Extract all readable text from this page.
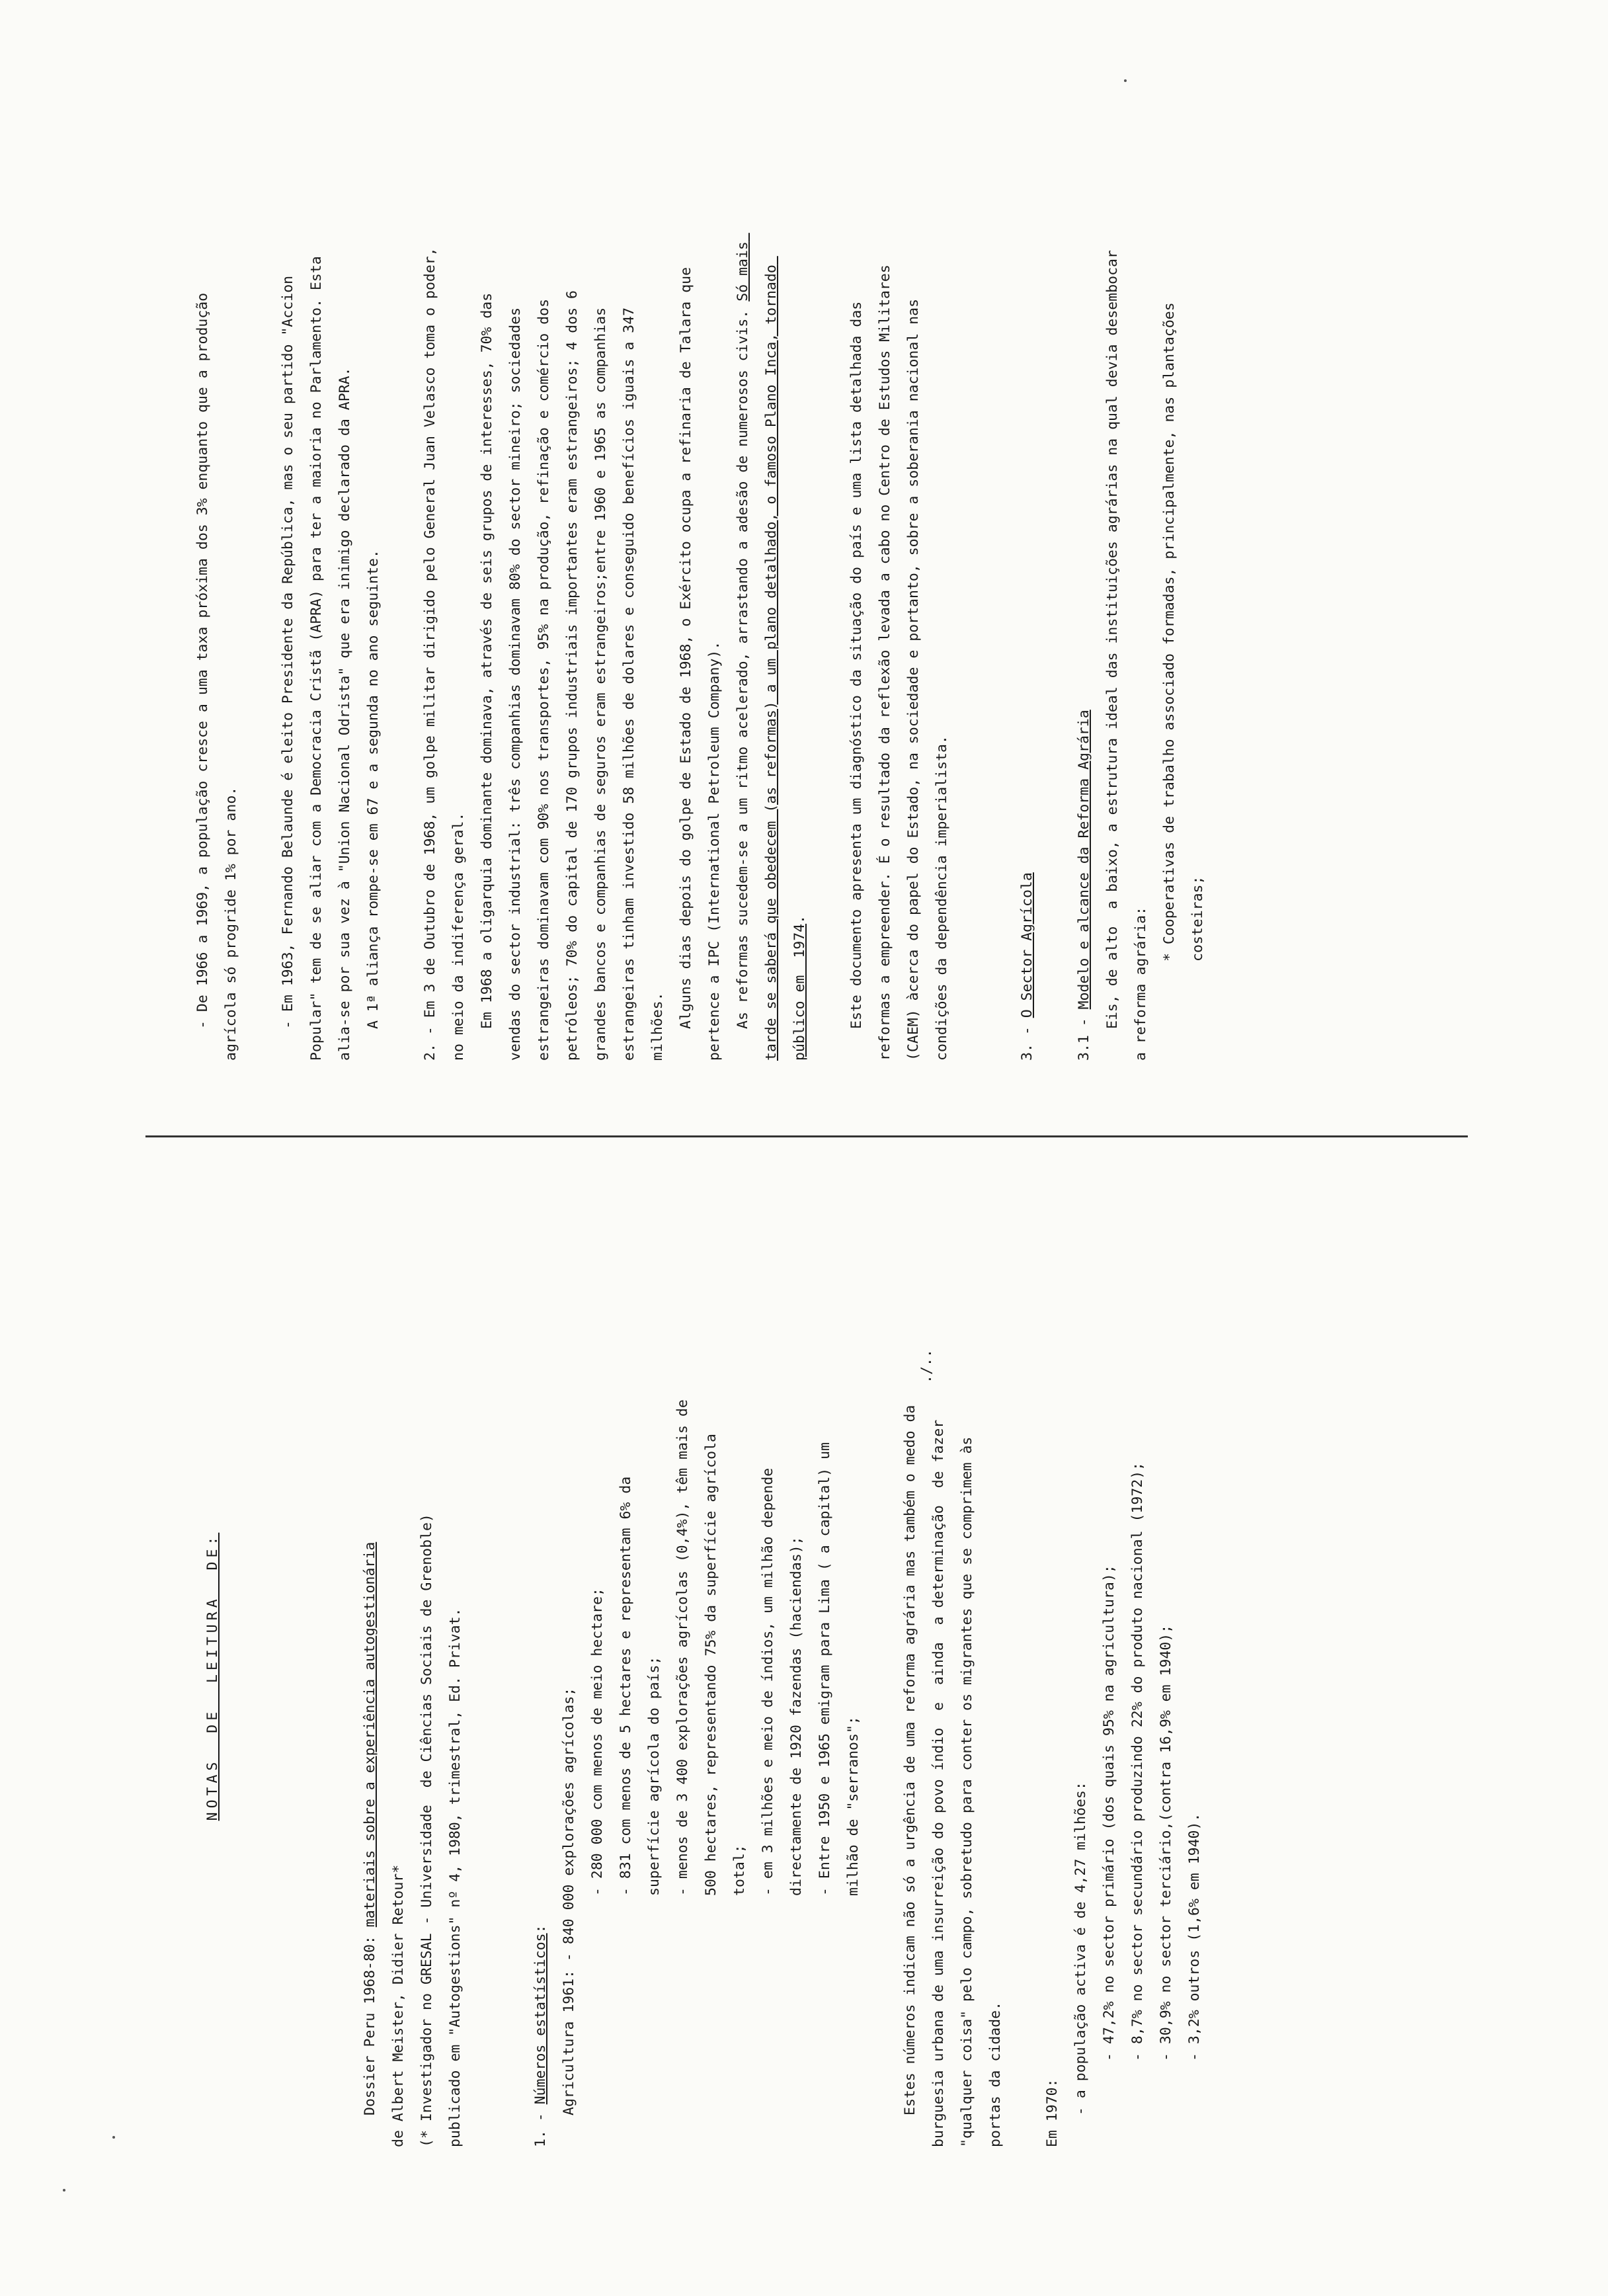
NOTAS  DE  LEITURA  DE:

Dossier Peru 1968-80: materiais sobre a experiência autogestionária

de Albert Meister, Didier Retour* (* Investigador no GRESAL - Universidade  de Ciências Sociais de Grenoble) publicado em "Autogestions" nº 4, 1980, trimestral, Ed. Privat.	1. - Números estatísticos: Agricultura 1961: - 840 000 explorações agrícolas; - 280 000 com menos de meio hectare; - 831 com menos de 5 hectares e representam 6% da superfície agrícola do país; - menos de 3 400 explorações agrícolas (0,4%), têm mais de 500 hectares, representando 75% da superfície agrícola total; - em 3 milhões e meio de índios, um milhão depende directamente de 1920 fazendas (haciendas); - Entre 1950 e 1965 emigram para Lima ( a capital) um milhão de "serranos";	Estes números indicam não só a urgência de uma reforma agrária mas também o medo da burguesia urbana de uma insurreição do povo índio  e  ainda  a determinação  de fazer "qualquer coisa" pelo campo, sobretudo para conter os migrantes que se comprimem às portas da cidade.	Em 1970: - a população activa é de 4,27 milhões: - 47,2% no sector primário (dos quais 95% na agricultura); - 8,7% no sector secundário produzindo 22% do produto nacional (1972); - 30,9% no sector terciário,(contra 16,9% em 1940); - 3,2% outros (1,6% em 1940).

./..

- De 1966 a 1969, a população cresce a uma taxa próxima dos 3% enquanto que a produção agrícola só progride 1% por ano.	- Em 1963, Fernando Belaunde é eleito Presidente da República, mas o seu partido "Accion Popular" tem de se aliar com a Democracia Cristã (APRA) para ter a maioria no Parlamento. Esta alia-se por sua vez à "Union Nacional Odrista" que era inimigo declarado da APRA. A 1ª aliança rompe-se em 67 e a segunda no ano seguinte.	2. - Em 3 de Outubro de 1968, um golpe militar dirigido pelo General Juan Velasco toma o poder, no meio da indiferença geral. Em 1968 a oligarquia dominante dominava, através de seis grupos de interesses, 70% das vendas do sector industrial: três companhias dominavam 80% do sector mineiro; sociedades estrangeiras dominavam com 90% nos transportes, 95% na produção, refinação e comércio dos petróleos; 70% do capital de 170 grupos industriais importantes eram estrangeiros; 4 dos 6 grandes bancos e companhias de seguros eram estrangeiros;entre 1960 e 1965 as companhias estrangeiras tinham investido 58 milhões de dolares e conseguido benefícios iguais a 347 milhões. Alguns dias depois do golpe de Estado de 1968, o Exército ocupa a refinaria de Talara que pertence a IPC (International Petroleum Company). As reformas sucedem-se a um ritmo acelerado, arrastando a adesão de numerosos civis. Só mais tarde se saberá que obedecem (as reformas) a um plano detalhado, o famoso Plano Inca, tornado público em  1974.	Este documento apresenta um diagnóstico da situação do país e uma lista detalhada das reformas a empreender. É o resultado da reflexão levada a cabo no Centro de Estudos Militares (CAEM) àcerca do papel do Estado, na sociedade e portanto, sobre a soberania nacional nas condições da dependência imperialista.	3. - O Sector Agrícola

3.1 - Modelo e alcance da Reforma Agrária Eis, de alto  a baixo, a estrutura ideal das instituições agrárias na qual devia desembocar a reforma agrária:

* Cooperativas de trabalho associado formadas, principalmente, nas plantações costeiras;
